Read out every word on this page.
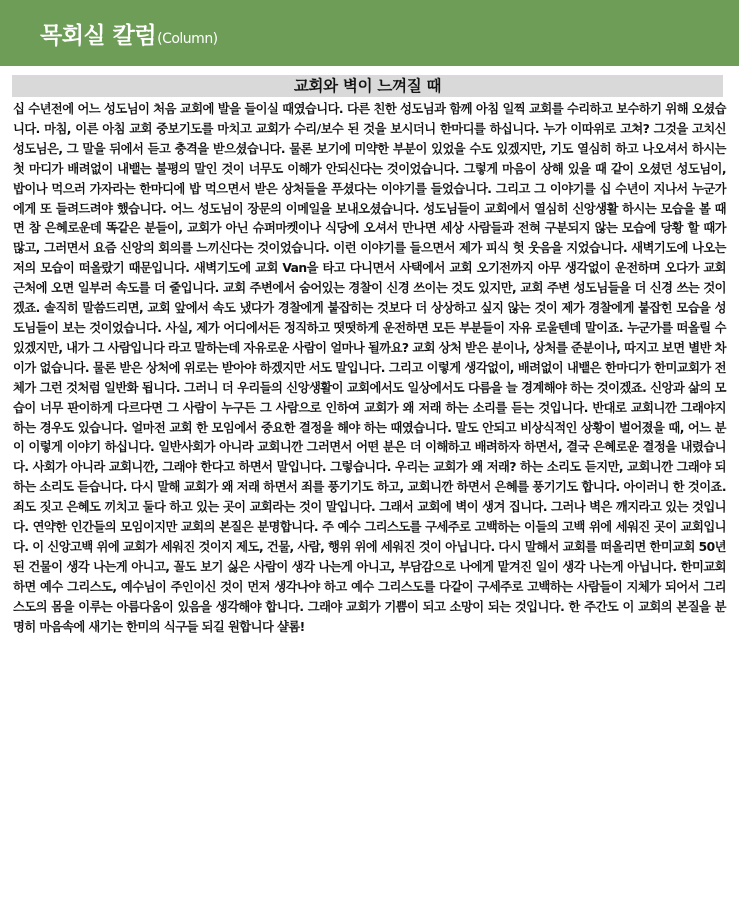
목회실 칼럼(Column)
교회와 벽이 느껴질 때

십 수년전에 어느 성도님이 처음 교회에 발을 들이실 때였습니다. 다른 친한 성도님과 함께 아침 일찍 교회를 수리하고 보수하기 위해 오셨습니다. 마침, 이른 아침 교회 중보기도를 마치고 교회가 수리/보수 된 것을 보시더니 한마디를 하십니다. 누가 이따위로 고쳐? 그것을 고치신 성도님은, 그 말을 뒤에서 듣고 충격을 받으셨습니다. 물론 보기에 미약한 부분이 있었을 수도 있겠지만, 기도 열심히 하고 나오셔서 하시는 첫 마디가 배려없이 내뱉는 불평의 말인 것이 너무도 이해가 안되신다는 것이었습니다. 그렇게 마음이 상해 있을 때 같이 오셨던 성도님이, 밥이나 먹으러 가자라는 한마디에 밥 먹으면서 받은 상처들을 푸셨다는 이야기를 들었습니다. 그리고 그 이야기를 십 수년이 지나서 누군가에게 또 들려드려야 했습니다. 어느 성도님이 장문의 이메일을 보내오셨습니다. 성도님들이 교회에서 열심히 신앙생활 하시는 모습을 볼 때면 참 은혜로운데 똑같은 분들이, 교회가 아닌 슈퍼마켓이나 식당에 오셔서 만나면 세상 사람들과 전혀 구분되지 않는 모습에 당황 할 때가 많고, 그러면서 요즘 신앙의 회의를 느끼신다는 것이었습니다. 이런 이야기를 들으면서 제가 피식 헛 웃음을 지었습니다. 새벽기도에 나오는 저의 모습이 떠올랐기 때문입니다. 새벽기도에 교회 Van을 타고 다니면서 사택에서 교회 오기전까지 아무 생각없이 운전하며 오다가 교회 근처에 오면 일부러 속도를 더 줄입니다. 교회 주변에서 숨어있는 경찰이 신경 쓰이는 것도 있지만, 교회 주변 성도님들을 더 신경 쓰는 것이겠죠. 솔직히 말씀드리면, 교회 앞에서 속도 냈다가 경찰에게 붙잡히는 것보다 더 상상하고 싶지 않는 것이 제가 경찰에게 붙잡힌 모습을 성도님들이 보는 것이었습니다. 사실, 제가 어디에서든 정직하고 떳떳하게 운전하면 모든 부분들이 자유 로울텐데 말이죠. 누군가를 떠올릴 수 있겠지만, 내가 그 사람입니다 라고 말하는데 자유로운 사람이 얼마나 될까요? 교회 상처 받은 분이나, 상처를 준분이나, 따지고 보면 별반 차이가 없습니다. 물론 받은 상처에 위로는 받아야 하겠지만 서도 말입니다. 그리고 이렇게 생각없이, 배려없이 내뱉은 한마디가 한미교회가 전체가 그런 것처럼 일반화 됩니다. 그러니 더 우리들의 신앙생활이 교회에서도 일상에서도 다름을 늘 경계해야 하는 것이겠죠. 신앙과 삶의 모습이 너무 판이하게 다르다면 그 사람이 누구든 그 사람으로 인하여 교회가 왜 저래 하는 소리를 듣는 것입니다. 반대로 교회니깐 그래야지 하는 경우도 있습니다. 얼마전 교회 한 모임에서 중요한 결정을 해야 하는 때였습니다. 말도 안되고 비상식적인 상황이 벌어졌을 때, 어느 분이 이렇게 이야기 하십니다. 일반사회가 아니라 교회니깐 그러면서 어떤 분은 더 이해하고 배려하자 하면서, 결국 은혜로운 결정을 내렸습니다. 사회가 아니라 교회니깐, 그래야 한다고 하면서 말입니다. 그렇습니다. 우리는 교회가 왜 저래? 하는 소리도 듣지만, 교회니깐 그래야 되 하는 소리도 듣습니다. 다시 말해 교회가 왜 저래 하면서 죄를 풍기기도 하고, 교회니깐 하면서 은혜를 풍기기도 합니다. 아이러니 한 것이죠. 죄도 짓고 은혜도 끼치고 둘다 하고 있는 곳이 교회라는 것이 말입니다. 그래서 교회에 벽이 생겨 집니다. 그러나 벽은 깨지라고 있는 것입니다. 연약한 인간들의 모임이지만 교회의 본질은 분명합니다. 주 예수 그리스도를 구세주로 고백하는 이들의 고백 위에 세워진 곳이 교회입니다. 이 신앙고백 위에 교회가 세워진 것이지 제도, 건물, 사람, 행위 위에 세워진 것이 아닙니다. 다시 말해서 교회를 떠올리면 한미교회 50년 된 건물이 생각 나는게 아니고, 꼴도 보기 싫은 사람이 생각 나는게 아니고, 부담감으로 나에게 맡겨진 일이 생각 나는게 아닙니다. 한미교회 하면 예수 그리스도, 예수님이 주인이신 것이 먼저 생각나야 하고 예수 그리스도를 다같이 구세주로 고백하는 사람들이 지체가 되어서 그리스도의 몸을 이루는 아름다움이 있음을 생각해야 합니다. 그래야 교회가 기쁨이 되고 소망이 되는 것입니다. 한 주간도 이 교회의 본질을 분명히 마음속에 새기는 한미의 식구들 되길 원합니다 샬롬!
